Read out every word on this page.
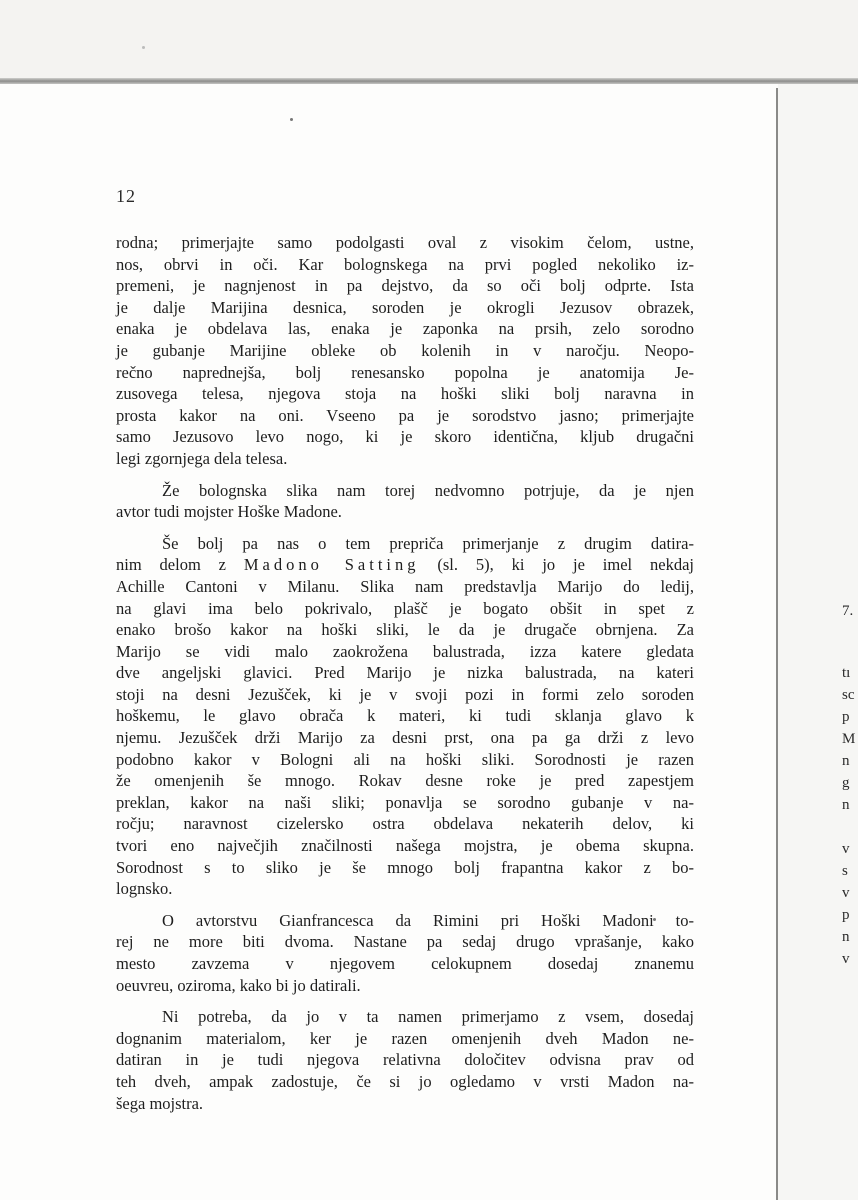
12

rodna; primerjajte samo podolgasti oval z visokim čelom, ustne,
nos, obrvi in oči. Kar bolognskega na prvi pogled nekoliko iz-
premeni, je nagnjenost in pa dejstvo, da so oči bolj odprte. Ista
je dalje Marijina desnica, soroden je okrogli Jezusov obrazek,
enaka je obdelava las, enaka je zaponka na prsih, zelo sorodno
je gubanje Marijine obleke ob kolenih in v naročju. Neopo-
rečno naprednejša, bolj renesansko popolna je anatomija Je-
zusovega telesa, njegova stoja na hoški sliki bolj naravna in
prosta kakor na oni. Vseeno pa je sorodstvo jasno; primerjajte
samo Jezusovo levo nogo, ki je skoro identična, kljub drugačni
legi zgornjega dela telesa.

Že bolognska slika nam torej nedvomno potrjuje, da je njen
avtor tudi mojster Hoške Madone.

Še bolj pa nas o tem prepriča primerjanje z drugim datira-
nim delom z Madono Satting (sl. 5), ki jo je imel nekdaj
Achille Cantoni v Milanu. Slika nam predstavlja Marijo do ledij,
na glavi ima belo pokrivalo, plašč je bogato obšit in spet z
enako brošo kakor na hoški sliki, le da je drugače obrnjena. Za
Marijo se vidi malo zaokrožena balustrada, izza katere gledata
dve angeljski glavici. Pred Marijo je nizka balustrada, na kateri
stoji na desni Jezušček, ki je v svoji pozi in formi zelo soroden
hoškemu, le glavo obrača k materi, ki tudi sklanja glavo k
njemu. Jezušček drži Marijo za desni prst, ona pa ga drži z levo
podobno kakor v Bologni ali na hoški sliki. Sorodnosti je razen
že omenjenih še mnogo. Rokav desne roke je pred zapestjem
preklan, kakor na naši sliki; ponavlja se sorodno gubanje v na-
ročju; naravnost cizelersko ostra obdelava nekaterih delov, ki
tvori eno največjih značilnosti našega mojstra, je obema skupna.
Sorodnost s to sliko je še mnogo bolj frapantna kakor z bo-
lognsko.

O avtorstvu Gianfrancesca da Rimini pri Hoški Madoni to-
rej ne more biti dvoma. Nastane pa sedaj drugo vprašanje, kako
mesto zavzema v njegovem celokupnem dosedaj znanemu
oeuvreu, oziroma, kako bi jo datirali.

Ni potreba, da jo v ta namen primerjamo z vsem, dosedaj
dognanim materialom, ker je razen omenjenih dveh Madon ne-
datiran in je tudi njegova relativna določitev odvisna prav od
teh dveh, ampak zadostuje, če si jo ogledamo v vrsti Madon na-
šega mojstra.

7.
tı
sc
p
M
n
g
n
v
s
v
p
n
v
